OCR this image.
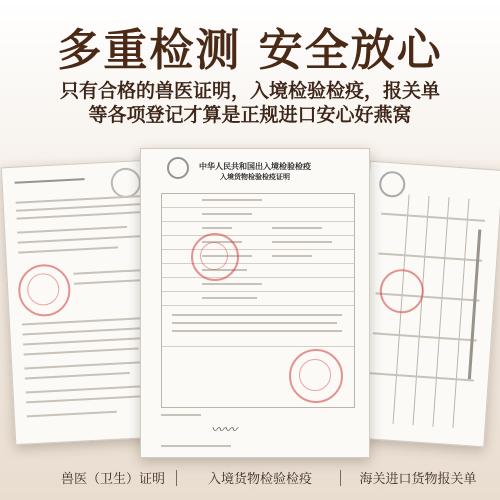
多重检测 安全放心
只有合格的兽医证明，入境检验检疫，报关单
等各项登记才算是正规进口安心好燕窝
中华人民共和国出入境检验检疫
入境货物检验检疫证明
〰〰
兽医（卫生）证明	入境货物检验检疫	海关进口货物报关单
